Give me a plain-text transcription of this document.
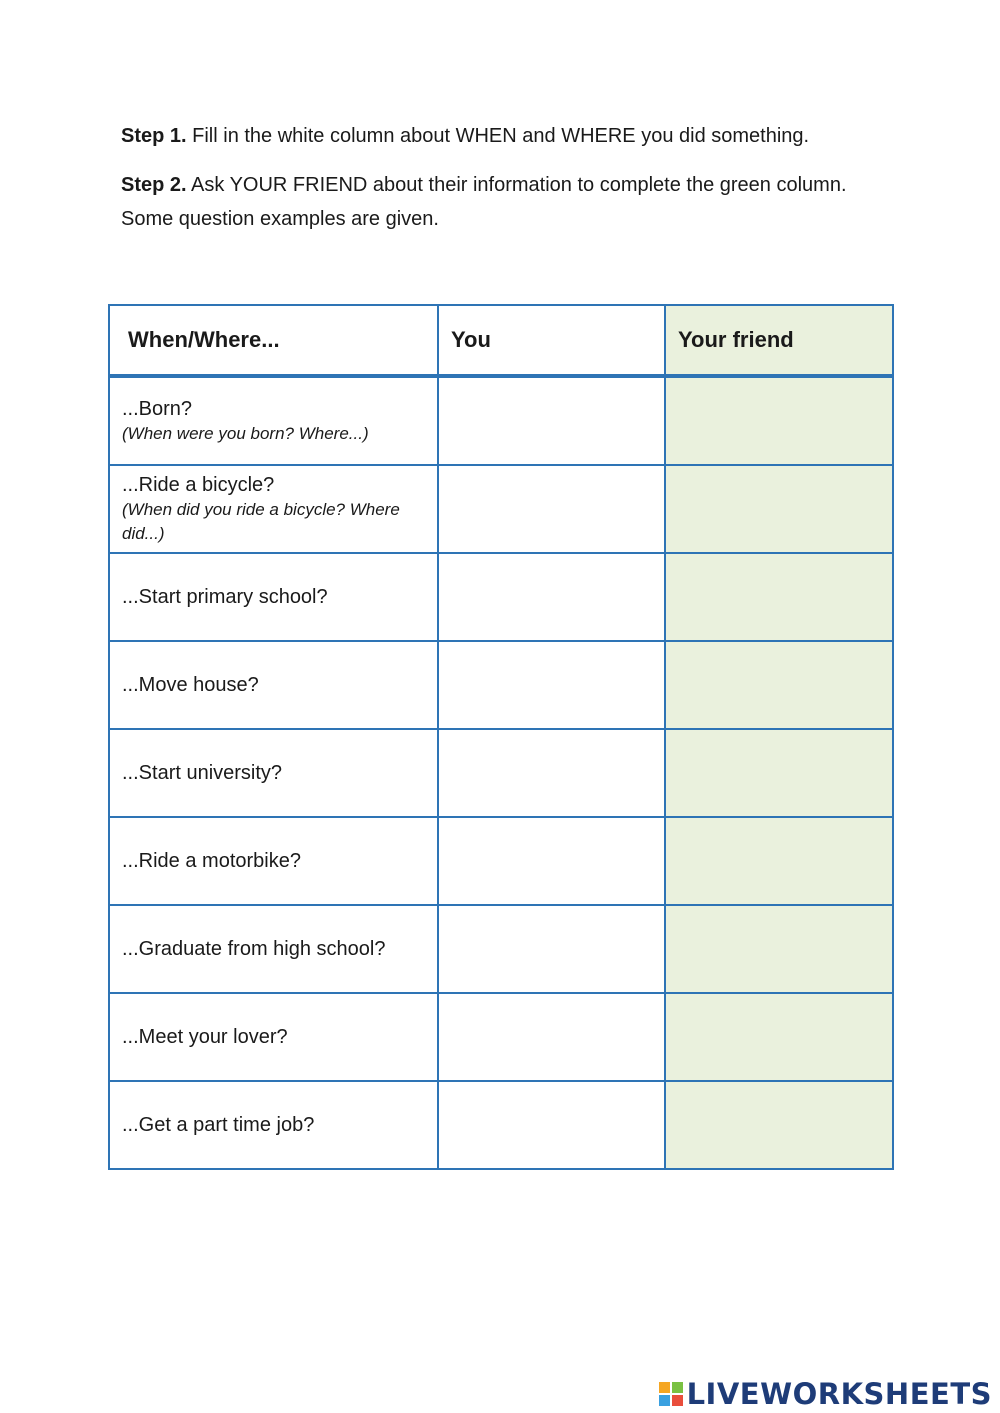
Step 1. Fill in the white column about WHEN and WHERE you did something.
Step 2. Ask YOUR FRIEND about their information to complete the green column. Some question examples are given.
When/Where...	You	Your friend

...Born?
(When were you born? Where...)		

...Ride a bicycle?
(When did you ride a bicycle? Where did...)		

...Start primary school?		

...Move house?		

...Start university?		

...Ride a motorbike?		

...Graduate from high school?		

...Meet your lover?		

...Get a part time job?		

LIVEWORKSHEETS
